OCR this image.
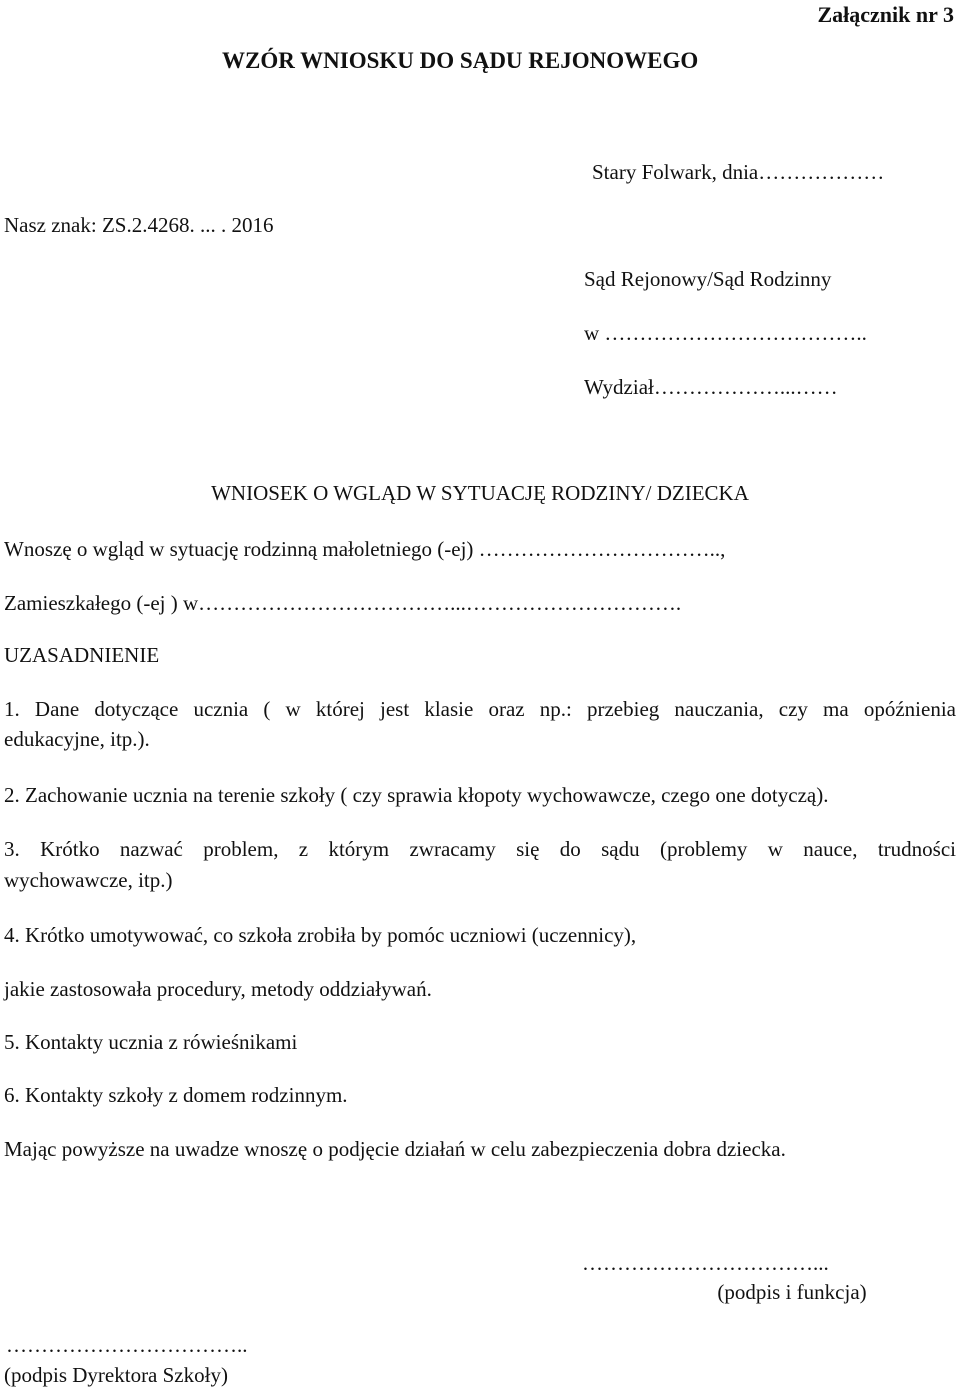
Załącznik nr 3

WZÓR WNIOSKU DO SĄDU REJONOWEGO

Stary Folwark, dnia………………

Nasz znak: ZS.2.4268. ... . 2016

Sąd Rejonowy/Sąd Rodzinny

w ………………………………..

Wydział………………...……

WNIOSEK O WGLĄD W SYTUACJĘ RODZINY/ DZIECKA

Wnoszę o wgląd w sytuację rodzinną małoletniego (-ej) ……………………………..,

Zamieszkałego (-ej ) w………………………………...………………………….

UZASADNIENIE

1. Dane dotyczące ucznia ( w której jest klasie oraz np.: przebieg nauczania, czy ma opóźnienia

edukacyjne, itp.).

2. Zachowanie ucznia na terenie szkoły ( czy sprawia kłopoty wychowawcze, czego one dotyczą).

3. Krótko nazwać problem, z którym zwracamy się do sądu (problemy w nauce, trudności

wychowawcze, itp.)

4. Krótko umotywować, co szkoła zrobiła by pomóc uczniowi (uczennicy),

jakie zastosowała procedury, metody oddziaływań.

5. Kontakty ucznia z rówieśnikami

6. Kontakty szkoły z domem rodzinnym.

Mając powyższe na uwadze wnoszę o podjęcie działań w celu zabezpieczenia dobra dziecka.

……………………………...
(podpis i funkcja)
……………………………..
(podpis Dyrektora Szkoły)
